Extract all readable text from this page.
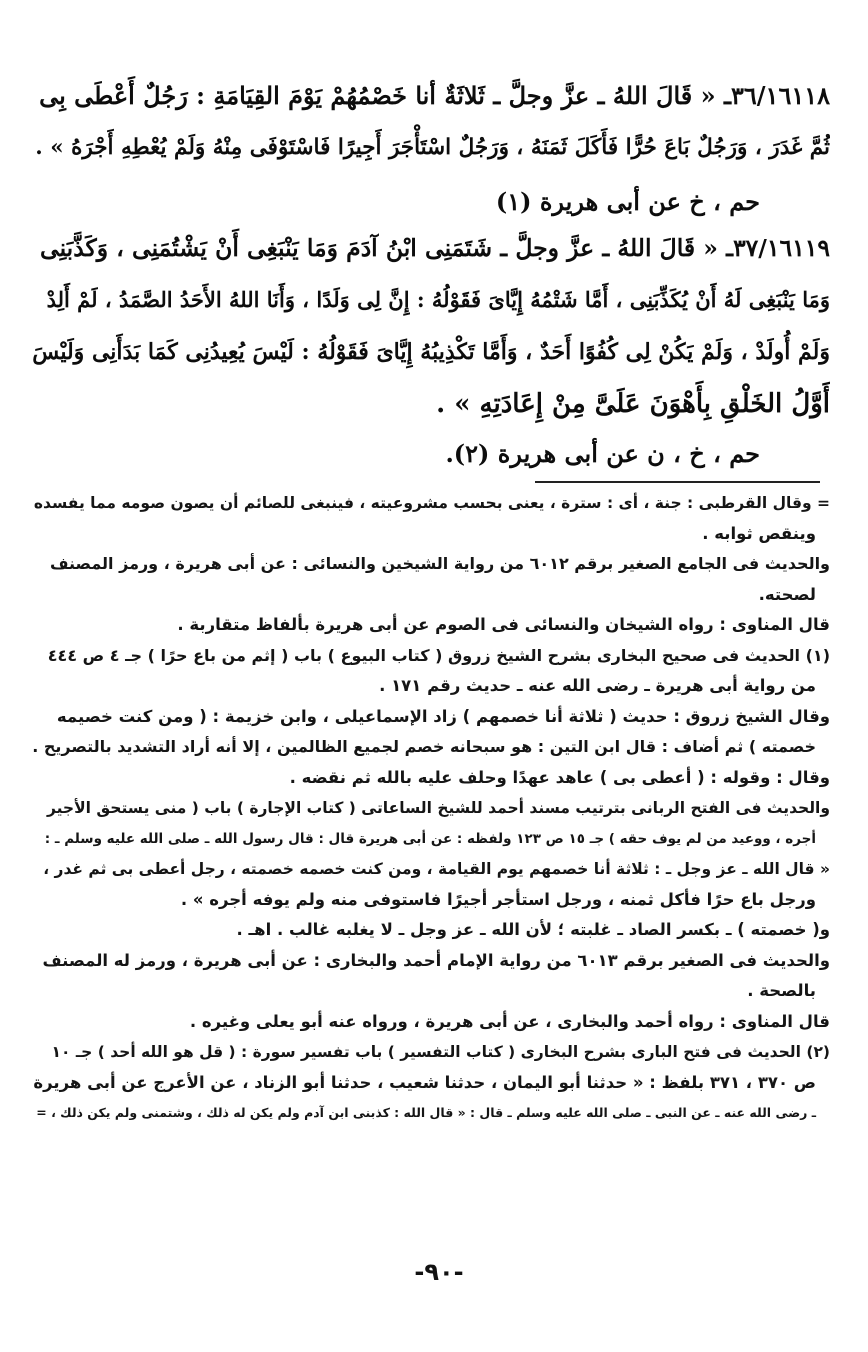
٣٦/١٦١١٨ـ « قَالَ اللهُ ـ عزَّ وجلَّ ـ ثَلاثَةٌ أنا خَصْمُهُمْ يَوْمَ القِيَامَةِ : رَجُلٌ أَعْطَى بِى
ثُمَّ غَدَرَ ، وَرَجُلٌ بَاعَ حُرًّا فَأَكَلَ ثَمَنَهُ ، وَرَجُلٌ اسْتَأْجَرَ أَجِيرًا فَاسْتَوْفَى مِنْهُ وَلَمْ يُعْطِهِ أَجْرَهُ » .
حم ، خ عن أبى هريرة (١)
٣٧/١٦١١٩ـ « قَالَ اللهُ ـ عزَّ وجلَّ ـ شَتَمَنِى ابْنُ آدَمَ وَمَا يَنْبَغِى أَنْ يَشْتُمَنِى ، وَكَذَّبَنِى
وَمَا يَنْبَغِى لَهُ أَنْ يُكَذِّبَنِى ، أَمَّا شَتْمُهُ إِيَّاىَ فَقَوْلُهُ : إِنَّ لِى وَلَدًا ، وَأَنَا اللهُ الأَحَدُ الصَّمَدُ ، لَمْ أَلِدْ
وَلَمْ أُولَدْ ، وَلَمْ يَكُنْ لِى كُفُوًا أَحَدٌ ، وَأَمَّا تَكْذِيبُهُ إِيَّاىَ فَقَوْلُهُ : لَيْسَ يُعِيدُنِى كَمَا بَدَأَنِى وَلَيْسَ
أَوَّلُ الخَلْقِ بِأَهْوَنَ عَلَىَّ مِنْ إِعَادَتِهِ » .
حم ، خ ، ن عن أبى هريرة (٢).
= وقال القرطبى : جنة ، أى : سترة ، يعنى بحسب مشروعيته ، فينبغى للصائم أن يصون صومه مما يفسده
وينقص ثوابه .
والحديث فى الجامع الصغير برقم ٦٠١٢ من رواية الشيخين والنسائى : عن أبى هريرة ، ورمز المصنف
لصحته.
قال المناوى : رواه الشيخان والنسائى فى الصوم عن أبى هريرة بألفاظ متقاربة .
(١) الحديث فى صحيح البخارى بشرح الشيخ زروق ( كتاب البيوع ) باب ( إثم من باع حرًا ) جـ ٤ ص ٤٤٤
من رواية أبى هريرة ـ رضى الله عنه ـ حديث رقم ١٧١ .
وقال الشيخ زروق : حديث ( ثلاثة أنا خصمهم ) زاد الإسماعيلى ، وابن خزيمة : ( ومن كنت خصيمه
خصمته ) ثم أضاف : قال ابن التين : هو سبحانه خصم لجميع الظالمين ، إلا أنه أراد التشديد بالتصريح .
وقال : وقوله : ( أعطى بى ) عاهد عهدًا وحلف عليه بالله ثم نقضه .
والحديث فى الفتح الربانى بترتيب مسند أحمد للشيخ الساعاتى ( كتاب الإجارة ) باب ( منى يستحق الأجير
أجره ، ووعيد من لم يوف حقه ) جـ ١٥ ص ١٢٣ ولفظه : عن أبى هريرة قال : قال رسول الله ـ صلى الله عليه وسلم ـ :
« قال الله ـ عز وجل ـ : ثلاثة أنا خصمهم يوم القيامة ، ومن كنت خصمه خصمته ، رجل أعطى بى ثم غدر ،
ورجل باع حرًا فأكل ثمنه ، ورجل استأجر أجيرًا فاستوفى منه ولم يوفه أجره » .
و( خصمته ) ـ بكسر الصاد ـ غلبته ؛ لأن الله ـ عز وجل ـ لا يغلبه غالب . اهـ .
والحديث فى الصغير برقم ٦٠١٣ من رواية الإمام أحمد والبخارى : عن أبى هريرة ، ورمز له المصنف
بالصحة .
قال المناوى : رواه أحمد والبخارى ، عن أبى هريرة ، ورواه عنه أبو يعلى وغيره .
(٢) الحديث فى فتح البارى بشرح البخارى ( كتاب التفسير ) باب تفسير سورة : ( قل هو الله أحد ) جـ ١٠
ص ٣٧٠ ، ٣٧١ بلفظ : « حدثنا أبو اليمان ، حدثنا شعيب ، حدثنا أبو الزناد ، عن الأعرج عن أبى هريرة
ـ رضى الله عنه ـ عن النبى ـ صلى الله عليه وسلم ـ قال : « قال الله : كذبنى ابن آدم ولم يكن له ذلك ، وشتمنى ولم يكن ذلك ، =
-٩٠-
